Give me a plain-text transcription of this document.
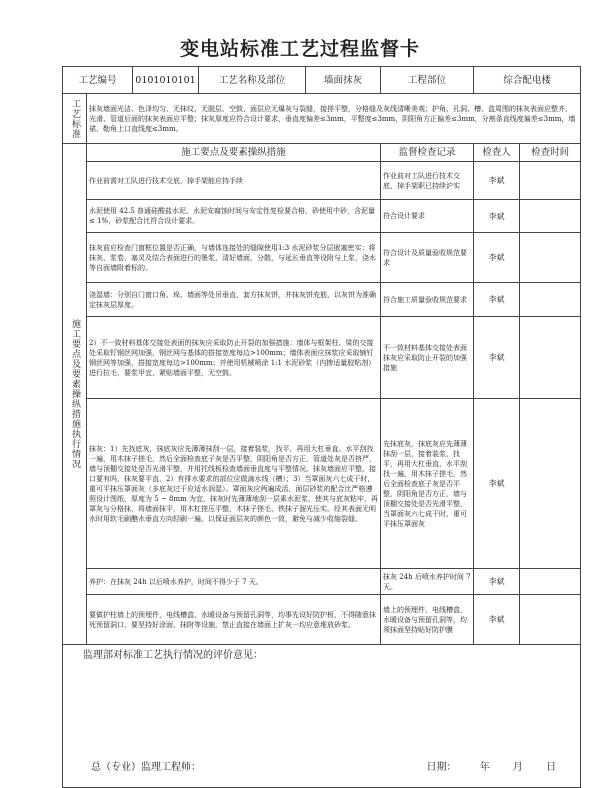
变电站标准工艺过程监督卡
工艺编号		0101010101	工艺名称及部位	墙面抹灰	工程部位	综合配电楼	
工艺标准	抹灰墙面光洁、色泽均匀、无抹纹、无脱层、空鼓、面层应无爆灰与裂缝，接搓平整，分格缝及灰线清晰美观；护角、孔洞、槽、盒周围的抹灰表面应整齐、光滑、管道后面的抹灰表面应平整；抹灰厚度应符合设计要求，垂直度偏差≤3mm，平整度≤3mm，阴阳角方正偏差≤3mm，分割条直线度偏差≤3mm，墙裙、勒角上口直线度≤3mm。						
施工要点及要素操纵措施执行情况	施工要点及要素操纵措施				监督检查记录	检查人	检查时间
	作业前需对工队进行技术交底，掉手架能应持手续				作业前对工队进行技术交底，掉手架职已持续沪实	李斌	
	水泥使用 42.5 普通硅酸盐水泥，水泥安腐蚀时间与安定性复检要合格，砂使用中砂，含泥量≤ 1%，砂浆配合比符合设计要求。				符合设计要求	李斌	
	抹灰前应检查门窗框位置是否正确，与墙体连接处的缝隙使用1:3 水泥砂浆分层嵌塞密实；将抹灰、浆卷、塞灵及结合表面进行的墨浆，清好墙面，分散，与延长垂直等设附与上浆，浇水等自面墙附着标的。				符合设计及质量验收规范要求	李斌	
	浇湿墙：分别自门窗口角、垛、墙面等处吊垂直，套方抹灰饼，并抹灰饼充筋，以灰饼为准确定抹灰层厚度。				符合施工质量验收规范要求	李斌	
	2）不一致材料基体交接处表面的抹灰应采取防止开裂的加强措施：墙体与框架柱、梁的交接处采取钉钢丝网加强，钢丝网与基体的搭接宽度每边>100mm；墙体表面应抹浆应采取铺钉钢丝网等加强，搭接宽度每边>100mm；并使用机械喷涂 1:1 水泥砂浆（内掺适量胶粘剂）进行拉毛，要浆甲宜、紧贴墙面平整，无空鼓。				不一致材料基体交接处表面抹灰应采取防止开裂的加强措施	李斌	
	抹灰：1）先找底灰，抹底灰应先薄薄抹刮一层，接着装浆，找平，再用大杠垂直、水平刮找一遍，用木抹子搓毛，然后全面检查底子灰是否平整，阴阳角是否方正，管道处灰是否挤严，墙与顶棚交接处是否光滑平整，并用托线板检查墙面垂直度与平整情况。抹灰墙面应平整，接口要有吗，抹灰要平直，2）有排水要求的部位应做滴水线（槽）；3）当罩面灰六七成干时，重可平抹压罩面灰（多底灰过于应适水润湿）。罩面灰应两遍成活，面层砂浆的配合比严格遵照设计图纸，厚度为 5 ~ 8mm 为宜，抹灰时先薄薄地刮一层素水泥浆，使其与底灰粘牢，再罩灰与分格抹，将墙面抹平，用木杠搓压平整，木抹子搓毛，铁抹子溜光压实。经其表面无明水时用软毛刷醮水垂直方向轻刷一遍，以保证面层灰的颜色一致，避免与减少收缩裂缝。				先抹底灰，抹底灰应先薄薄抹刮一层，接着装浆，找平，再用大杠垂直、水平刮找一遍，用木抹子搓毛，然后全面检查底子灰是否平整，阴阳角是否方正，墙与顶棚交接处是否光滑平整，当罩面灰六七成干时，重可平抹压罩面灰	李斌	
	养护：在抹灰 24h 以后喷水养护，时间不得少于 7 天。				抹灰 24h 后喷水养护时间 7 天。	李斌	
	要做护柱墙上的预埋件，电线槽盒、水暖设备与预留孔洞等，均事先设好防护板，不得随意抹死预留洞口，要坚持好涂面、抹附等设施，禁止直接在墙面上扩灰一均应意堆放砂浆。				墙上的预埋件，电线槽盒，水暖设备与预留孔洞等，均须抹面坚持贴好防护膜	李斌	

监理部对标准工艺执行情况的评价意见：
总（专业）监理工程师： 日期： 年 月 日							
